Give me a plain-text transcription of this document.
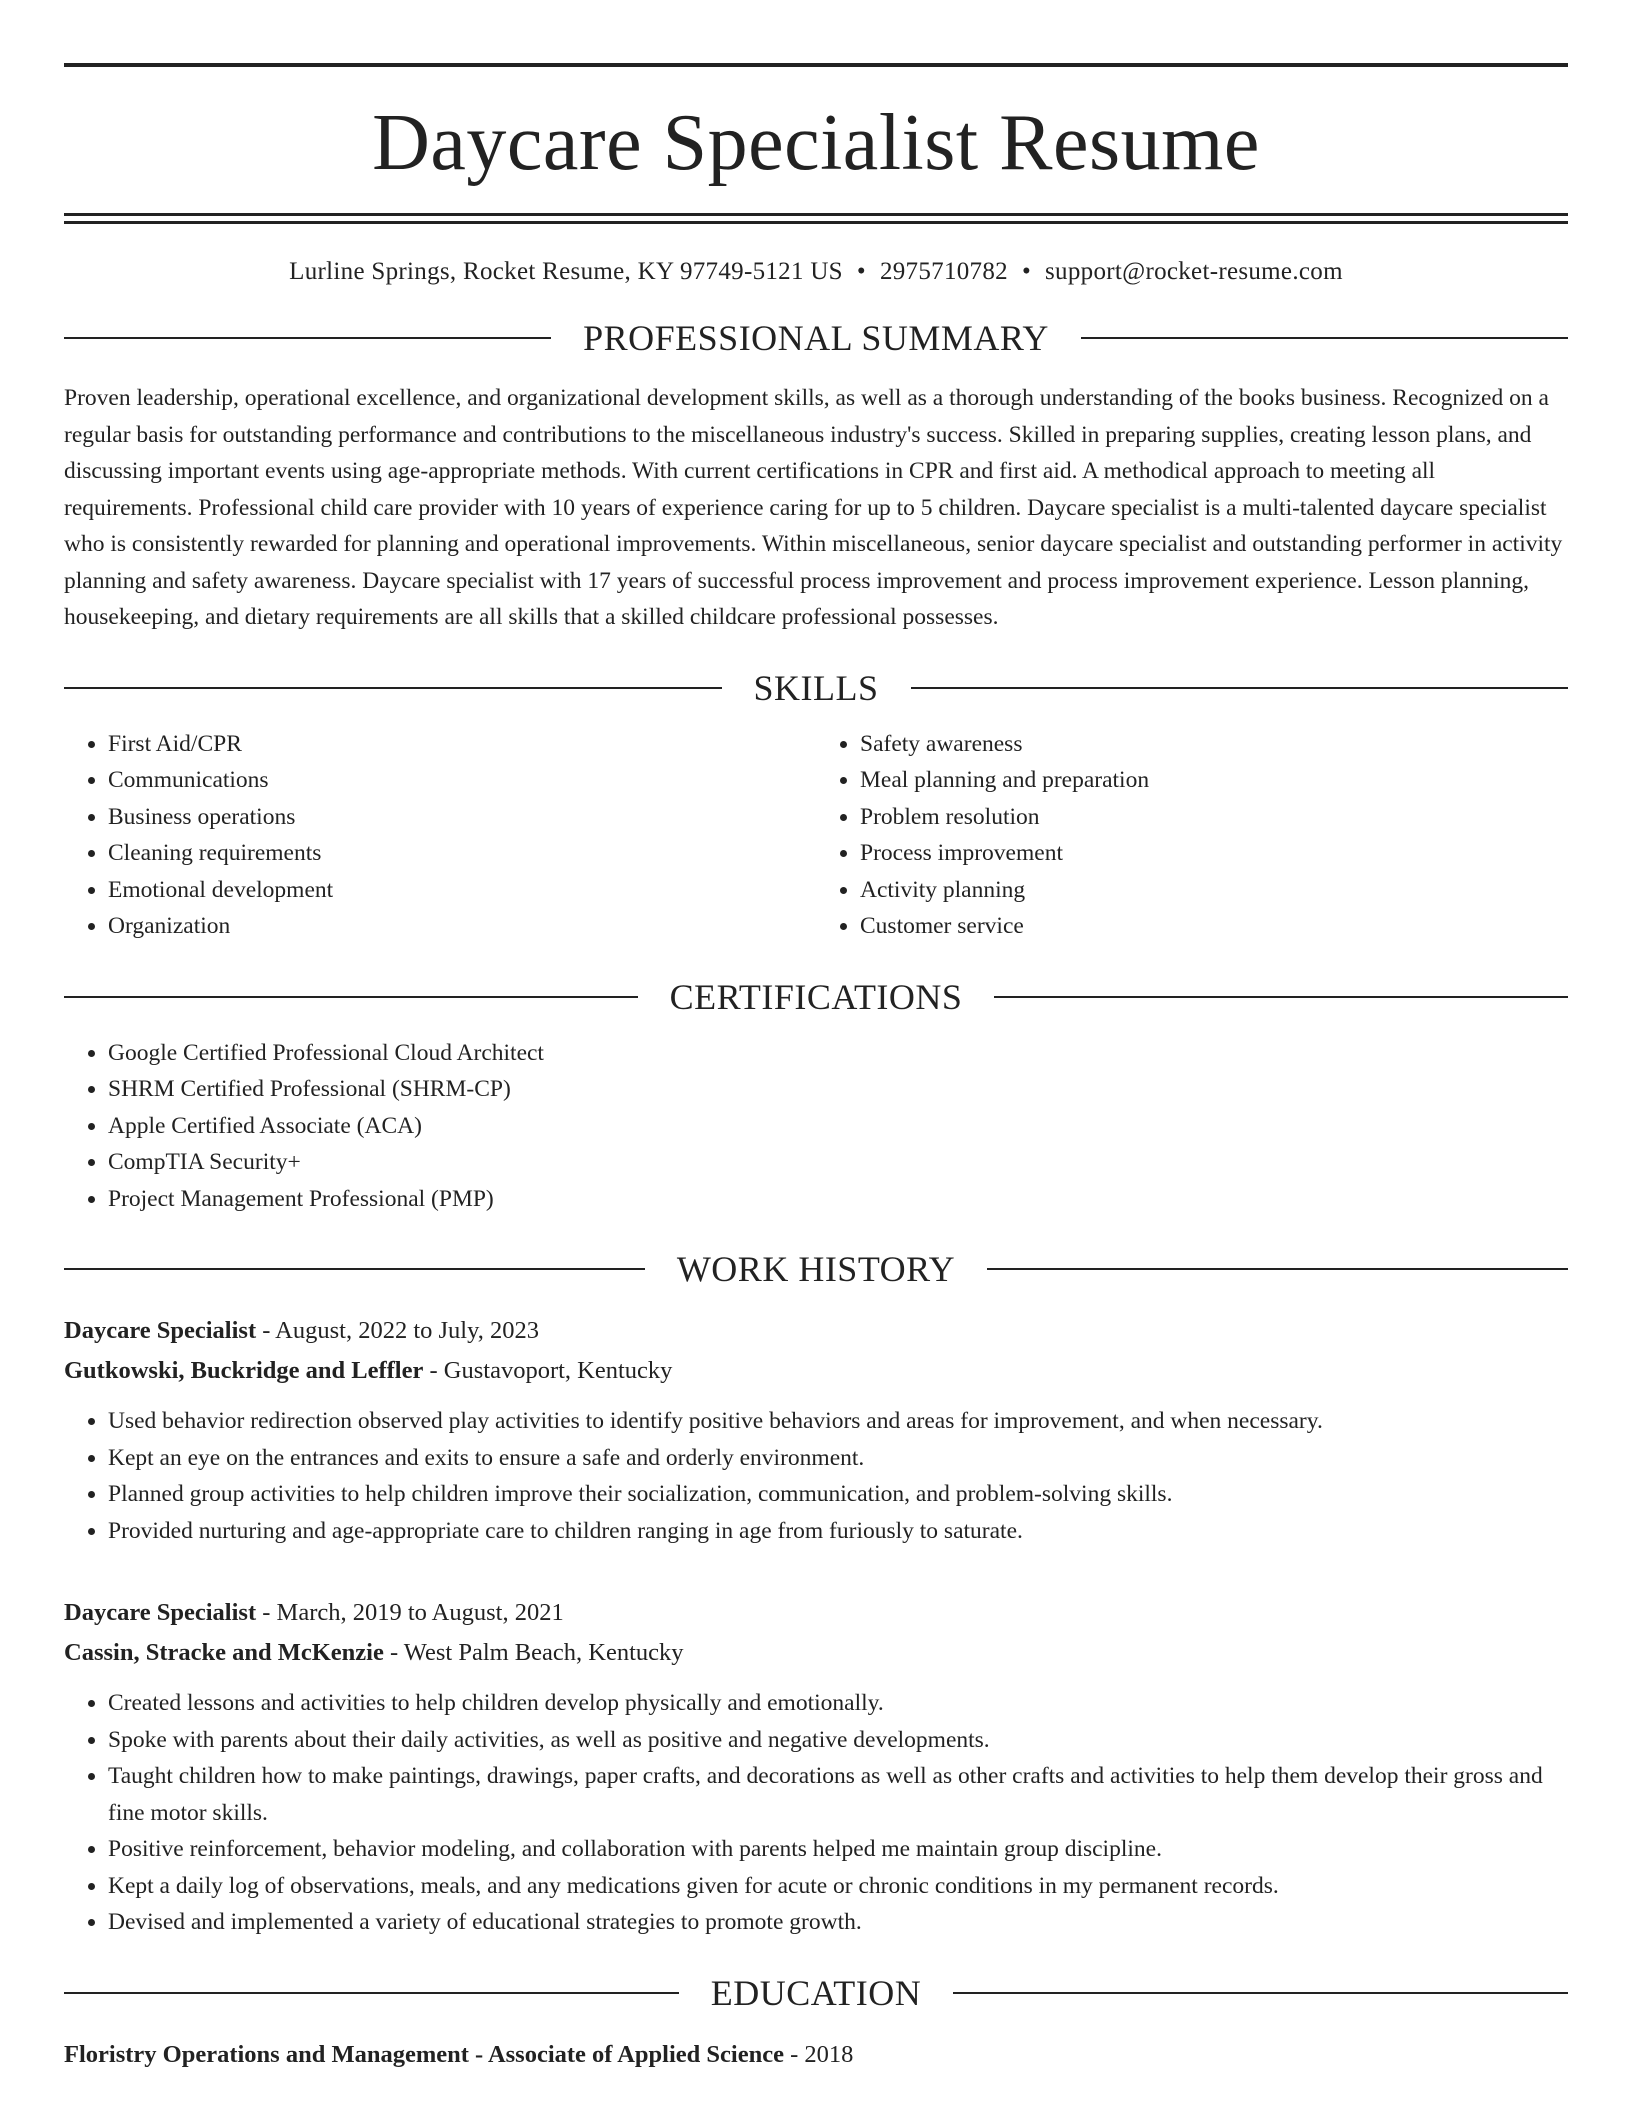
Daycare Specialist Resume
Lurline Springs, Rocket Resume, KY 97749-5121 US • 2975710782 • support@rocket-resume.com
PROFESSIONAL SUMMARY
Proven leadership, operational excellence, and organizational development skills, as well as a thorough understanding of the books business. Recognized on a regular basis for outstanding performance and contributions to the miscellaneous industry's success. Skilled in preparing supplies, creating lesson plans, and discussing important events using age-appropriate methods. With current certifications in CPR and first aid. A methodical approach to meeting all requirements. Professional child care provider with 10 years of experience caring for up to 5 children. Daycare specialist is a multi-talented daycare specialist who is consistently rewarded for planning and operational improvements. Within miscellaneous, senior daycare specialist and outstanding performer in activity planning and safety awareness. Daycare specialist with 17 years of successful process improvement and process improvement experience. Lesson planning, housekeeping, and dietary requirements are all skills that a skilled childcare professional possesses.
SKILLS
• First Aid/CPR
• Communications
• Business operations
• Cleaning requirements
• Emotional development
• Organization
• Safety awareness
• Meal planning and preparation
• Problem resolution
• Process improvement
• Activity planning
• Customer service
CERTIFICATIONS
• Google Certified Professional Cloud Architect
• SHRM Certified Professional (SHRM-CP)
• Apple Certified Associate (ACA)
• CompTIA Security+
• Project Management Professional (PMP)
WORK HISTORY
Daycare Specialist - August, 2022 to July, 2023
Gutkowski, Buckridge and Leffler - Gustavoport, Kentucky
• Used behavior redirection observed play activities to identify positive behaviors and areas for improvement, and when necessary.
• Kept an eye on the entrances and exits to ensure a safe and orderly environment.
• Planned group activities to help children improve their socialization, communication, and problem-solving skills.
• Provided nurturing and age-appropriate care to children ranging in age from furiously to saturate.
Daycare Specialist - March, 2019 to August, 2021
Cassin, Stracke and McKenzie - West Palm Beach, Kentucky
• Created lessons and activities to help children develop physically and emotionally.
• Spoke with parents about their daily activities, as well as positive and negative developments.
• Taught children how to make paintings, drawings, paper crafts, and decorations as well as other crafts and activities to help them develop their gross and fine motor skills.
• Positive reinforcement, behavior modeling, and collaboration with parents helped me maintain group discipline.
• Kept a daily log of observations, meals, and any medications given for acute or chronic conditions in my permanent records.
• Devised and implemented a variety of educational strategies to promote growth.
EDUCATION
Floristry Operations and Management - Associate of Applied Science - 2018
